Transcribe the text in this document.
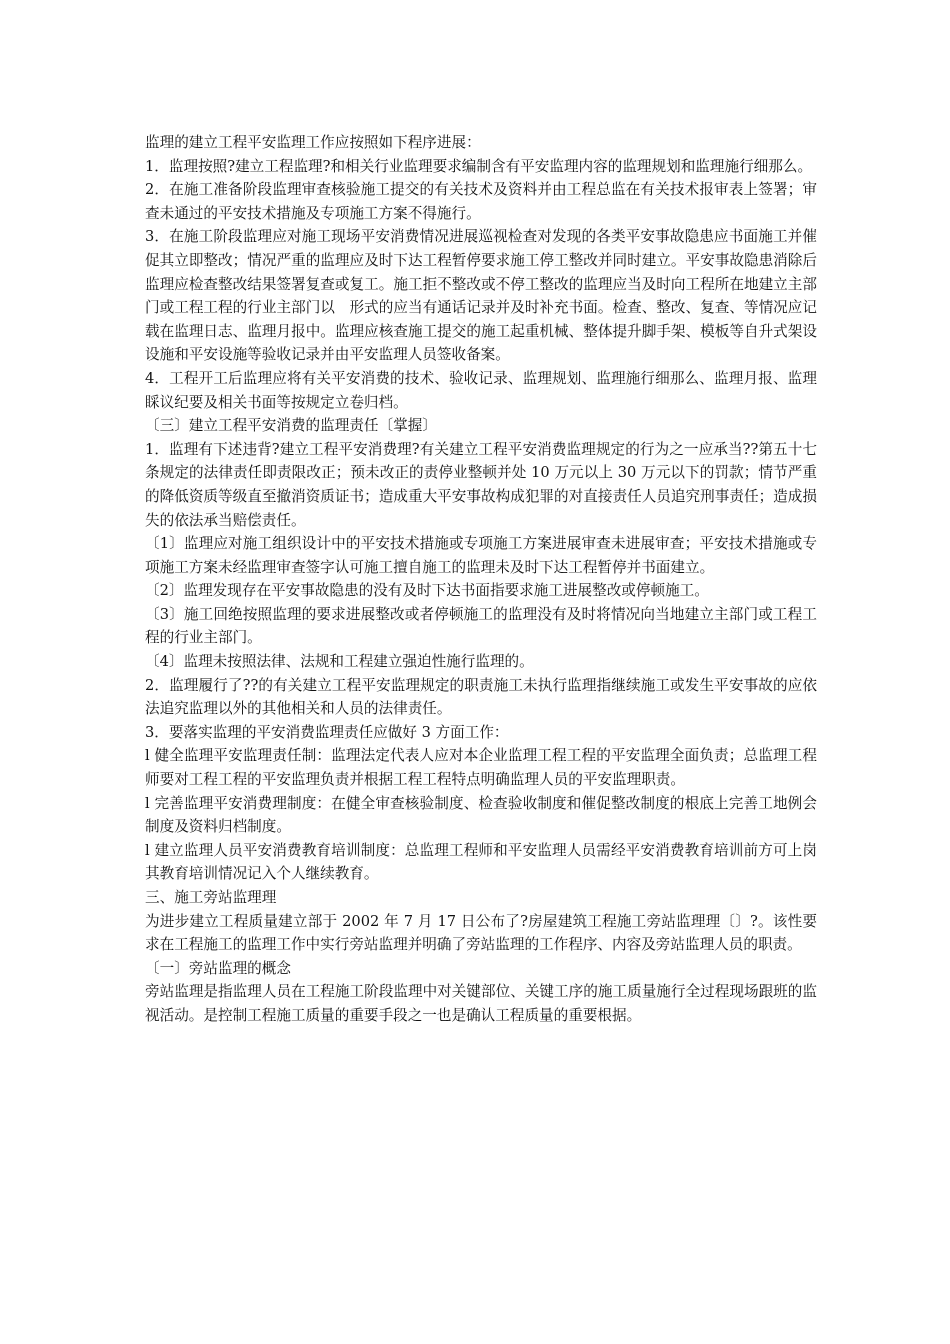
监理的建立工程平安监理工作应按照如下程序进展：

1．监理按照?建立工程监理?和相关行业监理要求编制含有平安监理内容的监理规划和监理施行细那么。

2．在施工准备阶段监理审查核验施工提交的有关技术及资料并由工程总监在有关技术报审表上签署；审查未通过的平安技术措施及专项施工方案不得施行。

3．在施工阶段监理应对施工现场平安消费情况进展巡视检查对发现的各类平安事故隐患应书面施工并催促其立即整改；情况严重的监理应及时下达工程暂停要求施工停工整改并同时建立。平安事故隐患消除后监理应检查整改结果签署复查或复工。施工拒不整改或不停工整改的监理应当及时向工程所在地建立主部门或工程工程的行业主部门以　形式的应当有通话记录并及时补充书面。检查、整改、复查、等情况应记载在监理日志、监理月报中。监理应核查施工提交的施工起重机械、整体提升脚手架、模板等自升式架设设施和平安设施等验收记录并由平安监理人员签收备案。

4．工程开工后监理应将有关平安消费的技术、验收记录、监理规划、监理施行细那么、监理月报、监理睬议纪要及相关书面等按规定立卷归档。

〔三〕建立工程平安消费的监理责任〔掌握〕

1．监理有下述违背?建立工程平安消费理?有关建立工程平安消费监理规定的行为之一应承当??第五十七条规定的法律责任即责限改正；预未改正的责停业整顿并处 10 万元以上 30 万元以下的罚款；情节严重的降低资质等级直至撤消资质证书；造成重大平安事故构成犯罪的对直接责任人员追究刑事责任；造成损失的依法承当赔偿责任。

〔1〕监理应对施工组织设计中的平安技术措施或专项施工方案进展审查未进展审查；平安技术措施或专项施工方案未经监理审查签字认可施工擅自施工的监理未及时下达工程暂停并书面建立。

〔2〕监理发现存在平安事故隐患的没有及时下达书面指要求施工进展整改或停顿施工。

〔3〕施工回绝按照监理的要求进展整改或者停顿施工的监理没有及时将情况向当地建立主部门或工程工程的行业主部门。

〔4〕监理未按照法律、法规和工程建立强迫性施行监理的。

2．监理履行了??的有关建立工程平安监理规定的职责施工未执行监理指继续施工或发生平安事故的应依法追究监理以外的其他相关和人员的法律责任。

3．要落实监理的平安消费监理责任应做好 3 方面工作：

l 健全监理平安监理责任制：监理法定代表人应对本企业监理工程工程的平安监理全面负责；总监理工程师要对工程工程的平安监理负责并根据工程工程特点明确监理人员的平安监理职责。

l 完善监理平安消费理制度：在健全审查核验制度、检查验收制度和催促整改制度的根底上完善工地例会制度及资料归档制度。

l 建立监理人员平安消费教育培训制度：总监理工程师和平安监理人员需经平安消费教育培训前方可上岗其教育培训情况记入个人继续教育。

三、施工旁站监理理

为进步建立工程质量建立部于 2002 年 7 月 17 日公布了?房屋建筑工程施工旁站监理理〔〕?。该性要求在工程施工的监理工作中实行旁站监理并明确了旁站监理的工作程序、内容及旁站监理人员的职责。

〔一〕旁站监理的概念

旁站监理是指监理人员在工程施工阶段监理中对关键部位、关键工序的施工质量施行全过程现场跟班的监视活动。是控制工程施工质量的重要手段之一也是确认工程质量的重要根据。
